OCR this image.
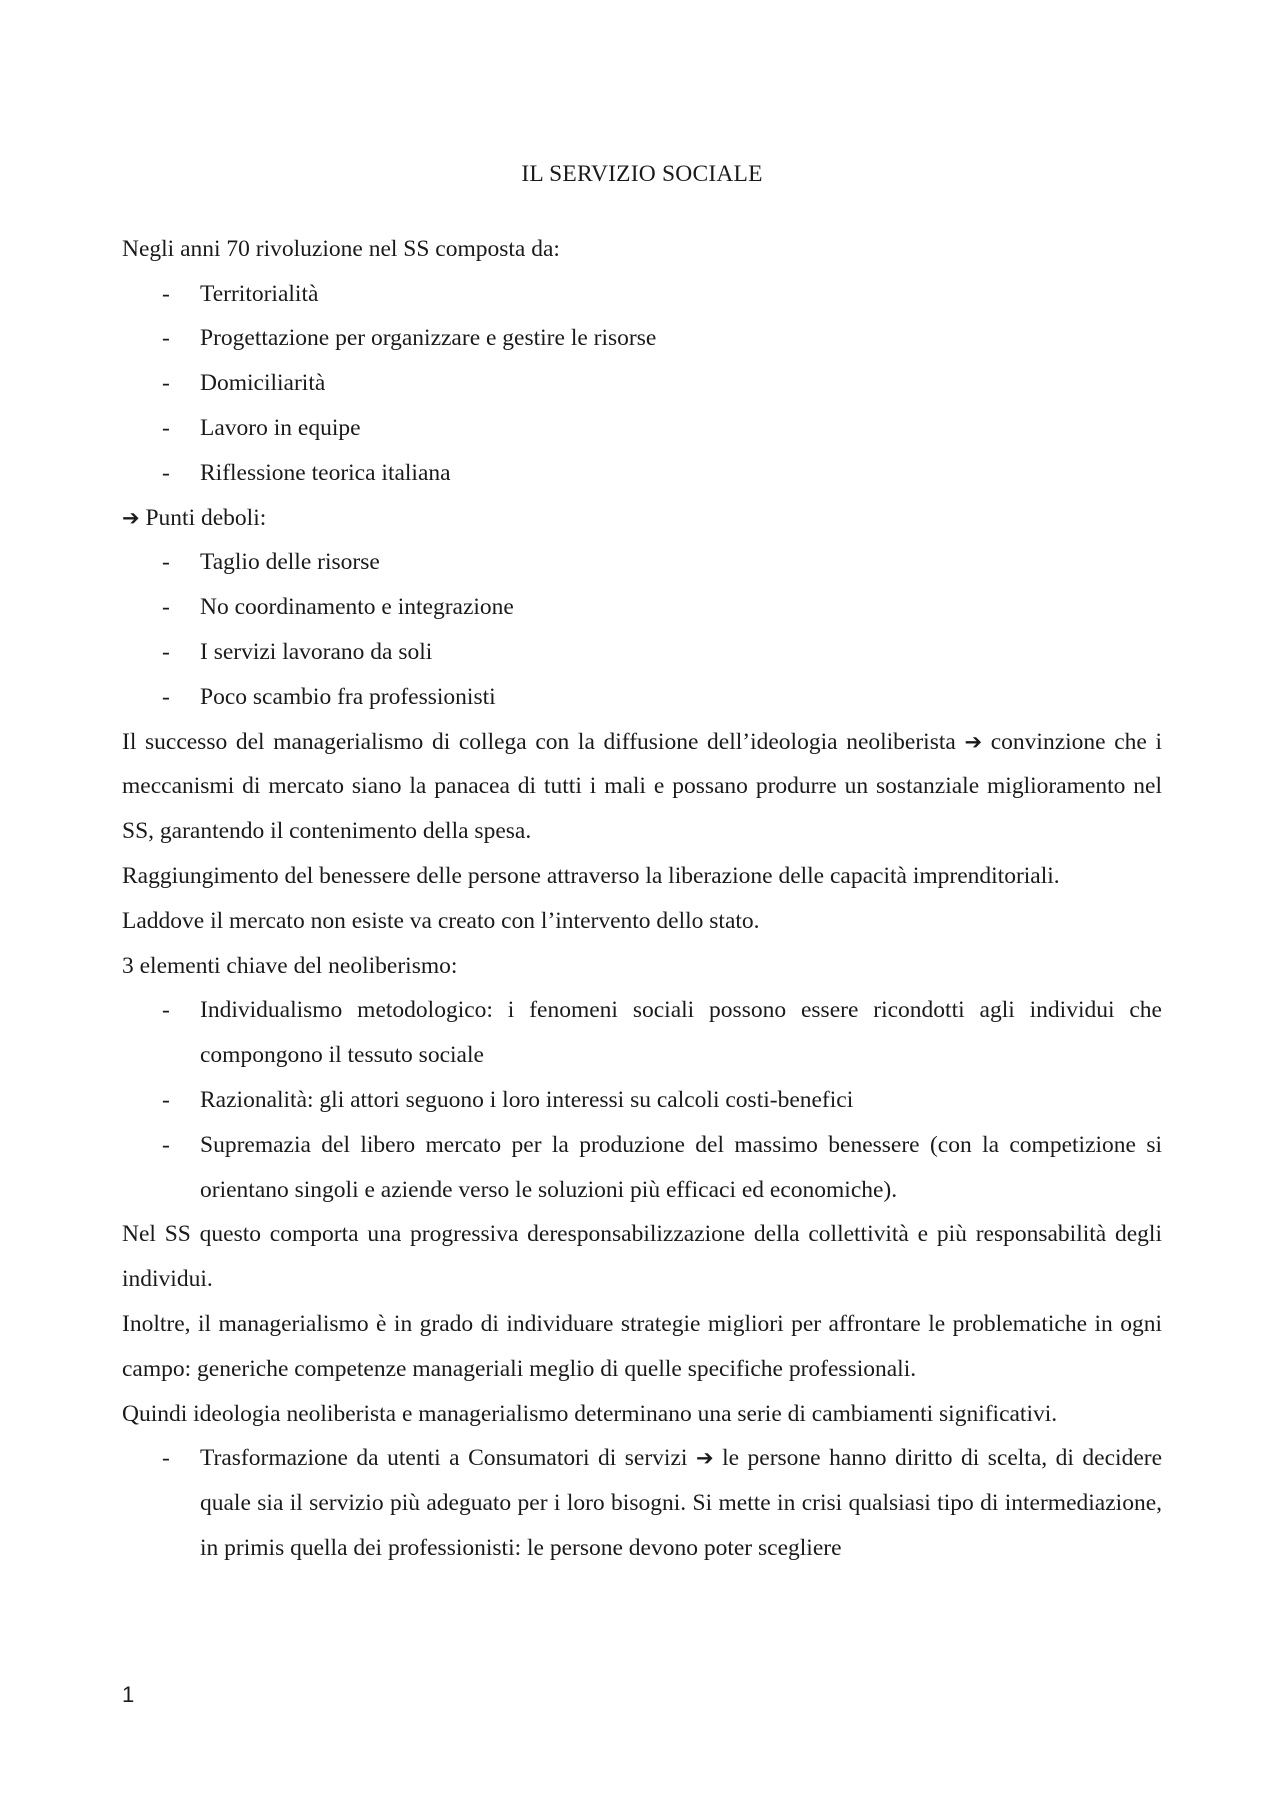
IL SERVIZIO SOCIALE

Negli anni 70 rivoluzione nel SS composta da:

- Territorialità
- Progettazione per organizzare e gestire le risorse
- Domiciliarità
- Lavoro in equipe
- Riflessione teorica italiana

➔ Punti deboli:

- Taglio delle risorse
- No coordinamento e integrazione
- I servizi lavorano da soli
- Poco scambio fra professionisti

Il successo del managerialismo di collega con la diffusione dell’ideologia neoliberista ➔ convinzione che i meccanismi di mercato siano la panacea di tutti i mali e possano produrre un sostanziale miglioramento nel SS, garantendo il contenimento della spesa.

Raggiungimento del benessere delle persone attraverso la liberazione delle capacità imprenditoriali.

Laddove il mercato non esiste va creato con l’intervento dello stato.

3 elementi chiave del neoliberismo:

- Individualismo metodologico: i fenomeni sociali possono essere ricondotti agli individui che compongono il tessuto sociale
- Razionalità: gli attori seguono i loro interessi su calcoli costi-benefici
- Supremazia del libero mercato per la produzione del massimo benessere (con la competizione si orientano singoli e aziende verso le soluzioni più efficaci ed economiche).

Nel SS questo comporta una progressiva deresponsabilizzazione della collettività e più responsabilità degli individui.

Inoltre, il managerialismo è in grado di individuare strategie migliori per affrontare le problematiche in ogni campo: generiche competenze manageriali meglio di quelle specifiche professionali.

Quindi ideologia neoliberista e managerialismo determinano una serie di cambiamenti significativi.

- Trasformazione da utenti a Consumatori di servizi ➔ le persone hanno diritto di scelta, di decidere quale sia il servizio più adeguato per i loro bisogni. Si mette in crisi qualsiasi tipo di intermediazione, in primis quella dei professionisti: le persone devono poter scegliere
1
